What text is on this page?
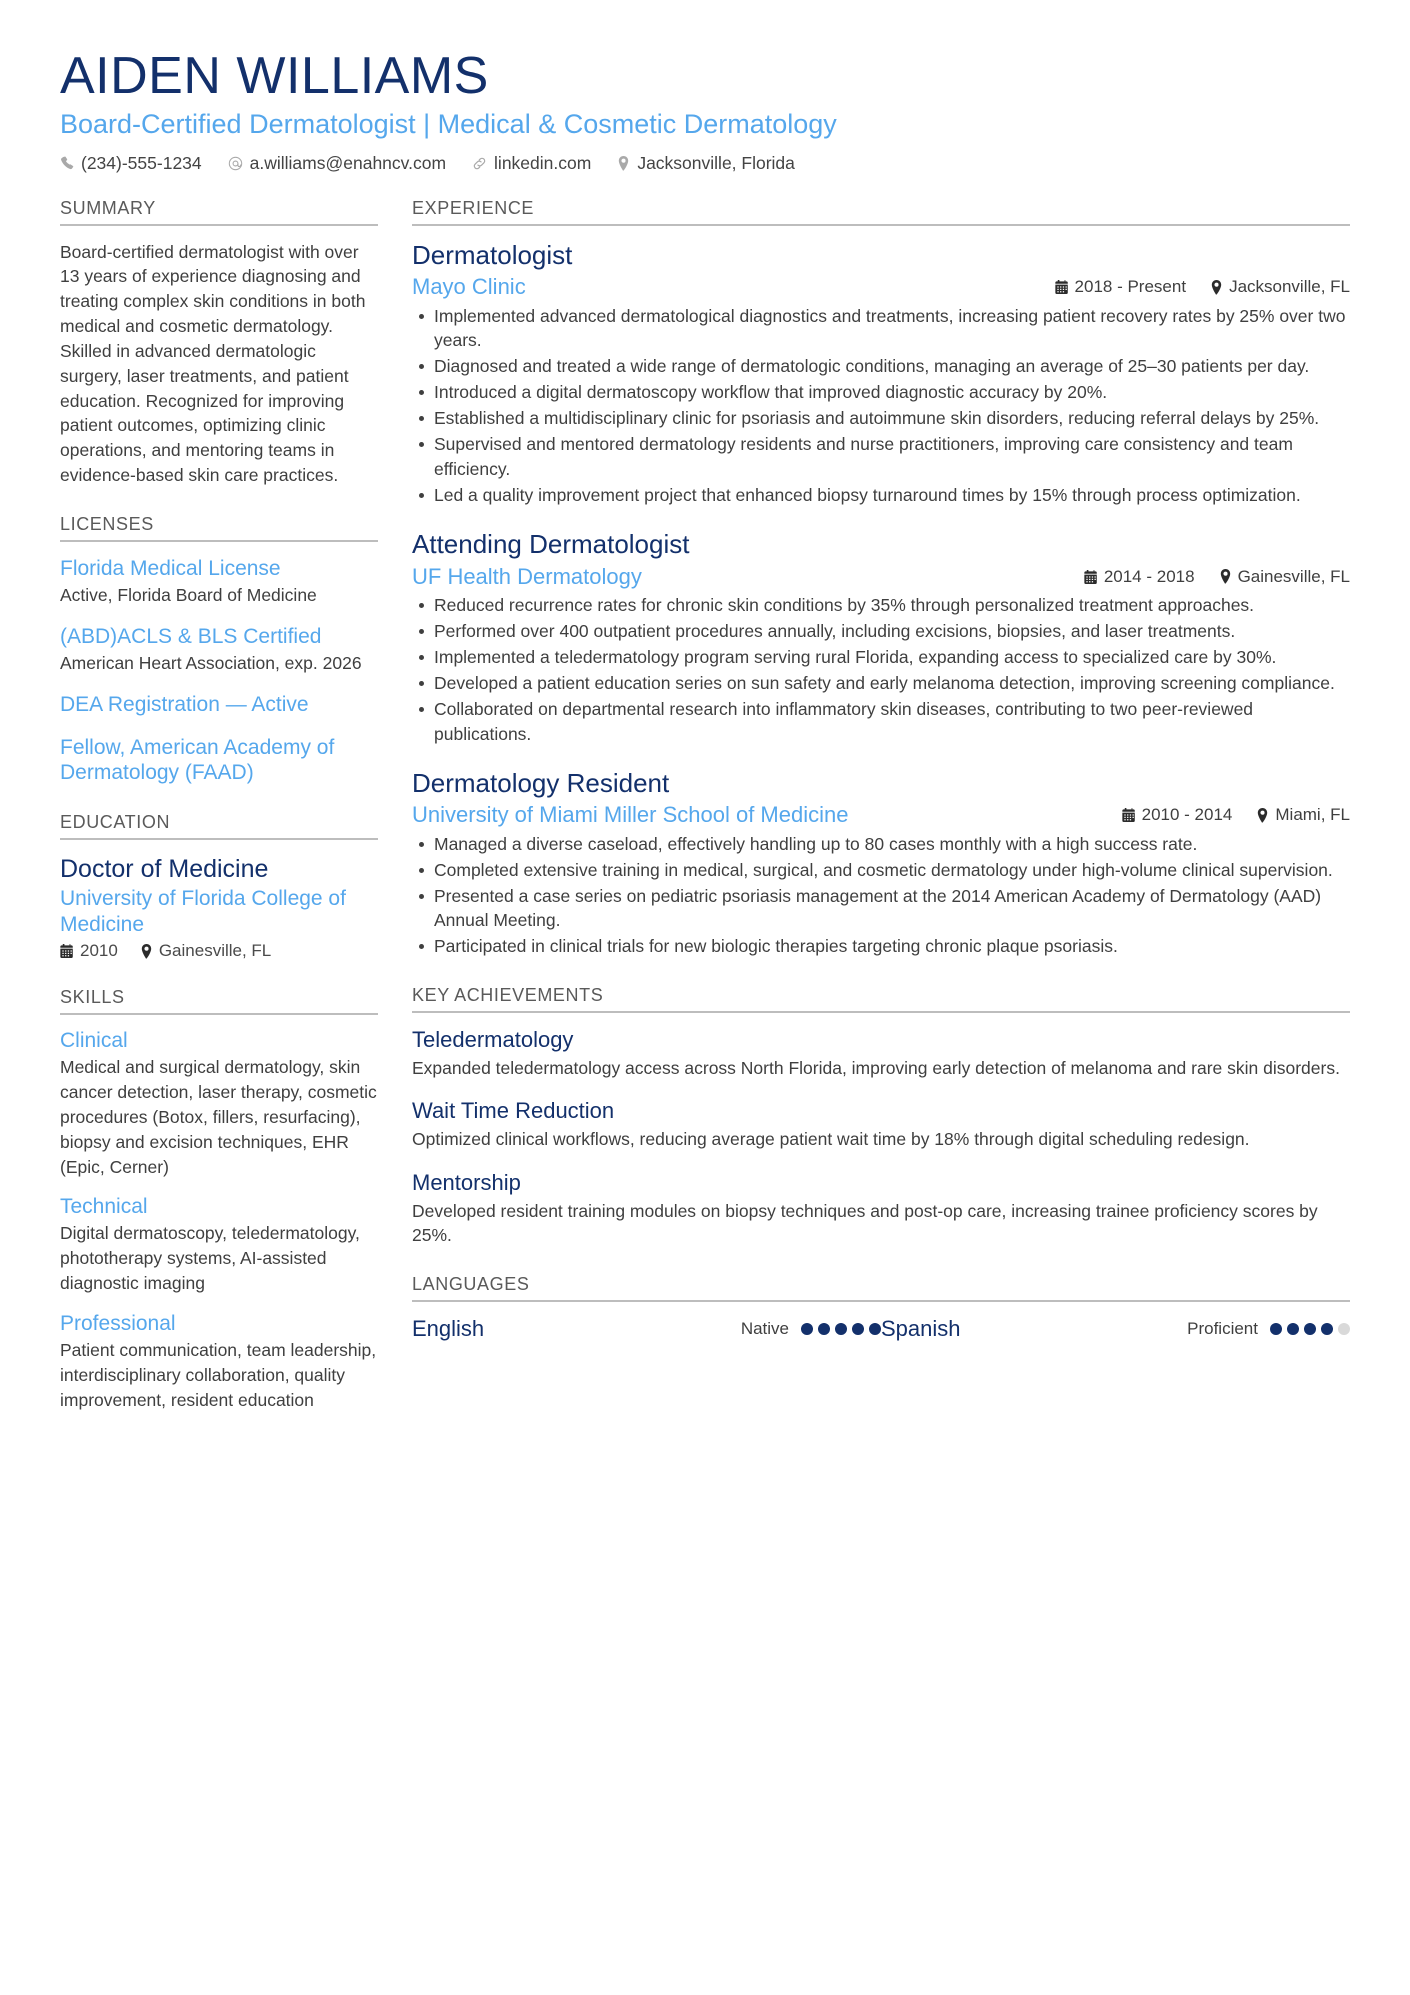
AIDEN WILLIAMS
Board-Certified Dermatologist | Medical & Cosmetic Dermatology
(234)-555-1234	a.williams@enahncv.com	linkedin.com	Jacksonville, Florida
SUMMARY
Board-certified dermatologist with over 13 years of experience diagnosing and treating complex skin conditions in both medical and cosmetic dermatology. Skilled in advanced dermatologic surgery, laser treatments, and patient education. Recognized for improving patient outcomes, optimizing clinic operations, and mentoring teams in evidence-based skin care practices.
LICENSES
Florida Medical License
Active, Florida Board of Medicine
(ABD)ACLS & BLS Certified
American Heart Association, exp. 2026
DEA Registration — Active
Fellow, American Academy of Dermatology (FAAD)
EDUCATION
Doctor of Medicine
University of Florida College of Medicine
2010 Gainesville, FL
SKILLS
Clinical
Medical and surgical dermatology, skin cancer detection, laser therapy, cosmetic procedures (Botox, fillers, resurfacing), biopsy and excision techniques, EHR (Epic, Cerner)
Technical
Digital dermatoscopy, teledermatology, phototherapy systems, AI-assisted diagnostic imaging
Professional
Patient communication, team leadership, interdisciplinary collaboration, quality improvement, resident education
EXPERIENCE
Dermatologist
Mayo Clinic	2018 - Present	Jacksonville, FL
Implemented advanced dermatological diagnostics and treatments, increasing patient recovery rates by 25% over two years.
Diagnosed and treated a wide range of dermatologic conditions, managing an average of 25–30 patients per day.
Introduced a digital dermatoscopy workflow that improved diagnostic accuracy by 20%.
Established a multidisciplinary clinic for psoriasis and autoimmune skin disorders, reducing referral delays by 25%.
Supervised and mentored dermatology residents and nurse practitioners, improving care consistency and team efficiency.
Led a quality improvement project that enhanced biopsy turnaround times by 15% through process optimization.
Attending Dermatologist
UF Health Dermatology	2014 - 2018	Gainesville, FL
Reduced recurrence rates for chronic skin conditions by 35% through personalized treatment approaches.
Performed over 400 outpatient procedures annually, including excisions, biopsies, and laser treatments.
Implemented a teledermatology program serving rural Florida, expanding access to specialized care by 30%.
Developed a patient education series on sun safety and early melanoma detection, improving screening compliance.
Collaborated on departmental research into inflammatory skin diseases, contributing to two peer-reviewed publications.
Dermatology Resident
University of Miami Miller School of Medicine	2010 - 2014	Miami, FL
Managed a diverse caseload, effectively handling up to 80 cases monthly with a high success rate.
Completed extensive training in medical, surgical, and cosmetic dermatology under high-volume clinical supervision.
Presented a case series on pediatric psoriasis management at the 2014 American Academy of Dermatology (AAD) Annual Meeting.
Participated in clinical trials for new biologic therapies targeting chronic plaque psoriasis.
KEY ACHIEVEMENTS
Teledermatology
Expanded teledermatology access across North Florida, improving early detection of melanoma and rare skin disorders.
Wait Time Reduction
Optimized clinical workflows, reducing average patient wait time by 18% through digital scheduling redesign.
Mentorship
Developed resident training modules on biopsy techniques and post-op care, increasing trainee proficiency scores by 25%.
LANGUAGES
English	Native	Spanish	Proficient
